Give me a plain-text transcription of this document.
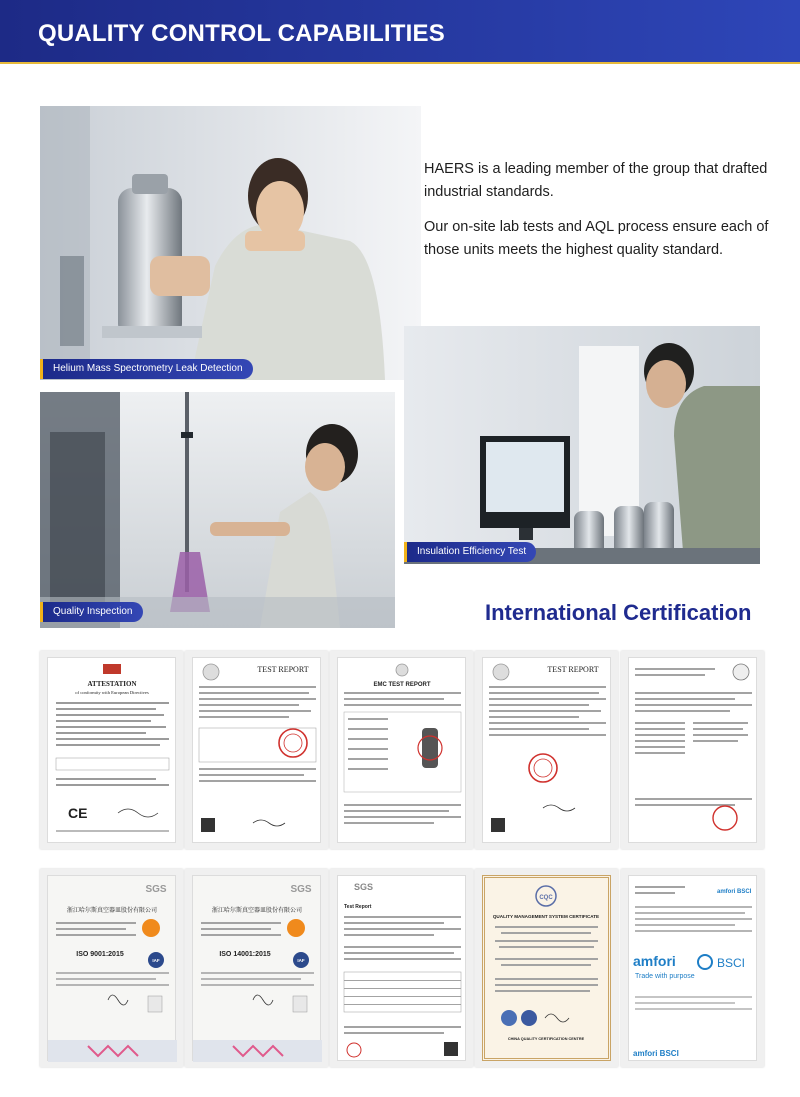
QUALITY CONTROL CAPABILITIES
Helium Mass Spectrometry Leak Detection

HAERS is a leading member of the group that drafted industrial standards.

Our on-site lab tests and AQL process ensure each of those units meets the highest quality standard.

Quality Inspection
Insulation Efficiency Test
International Certification
ATTESTATION
of conformity with European Directives
CE
TEST REPORT
EMC TEST REPORT
TEST REPORT
SGS
浙江哈尔斯真空器皿股份有限公司
ISO 9001:2015
IAF
SGS
浙江哈尔斯真空器皿股份有限公司
ISO 14001:2015
IAF
SGS
Test Report
CQC
QUALITY MANAGEMENT SYSTEM CERTIFICATE
CHINA QUALITY CERTIFICATION CENTRE
amfori BSCI
amfori	BSCI
Trade with purpose
amfori BSCI
